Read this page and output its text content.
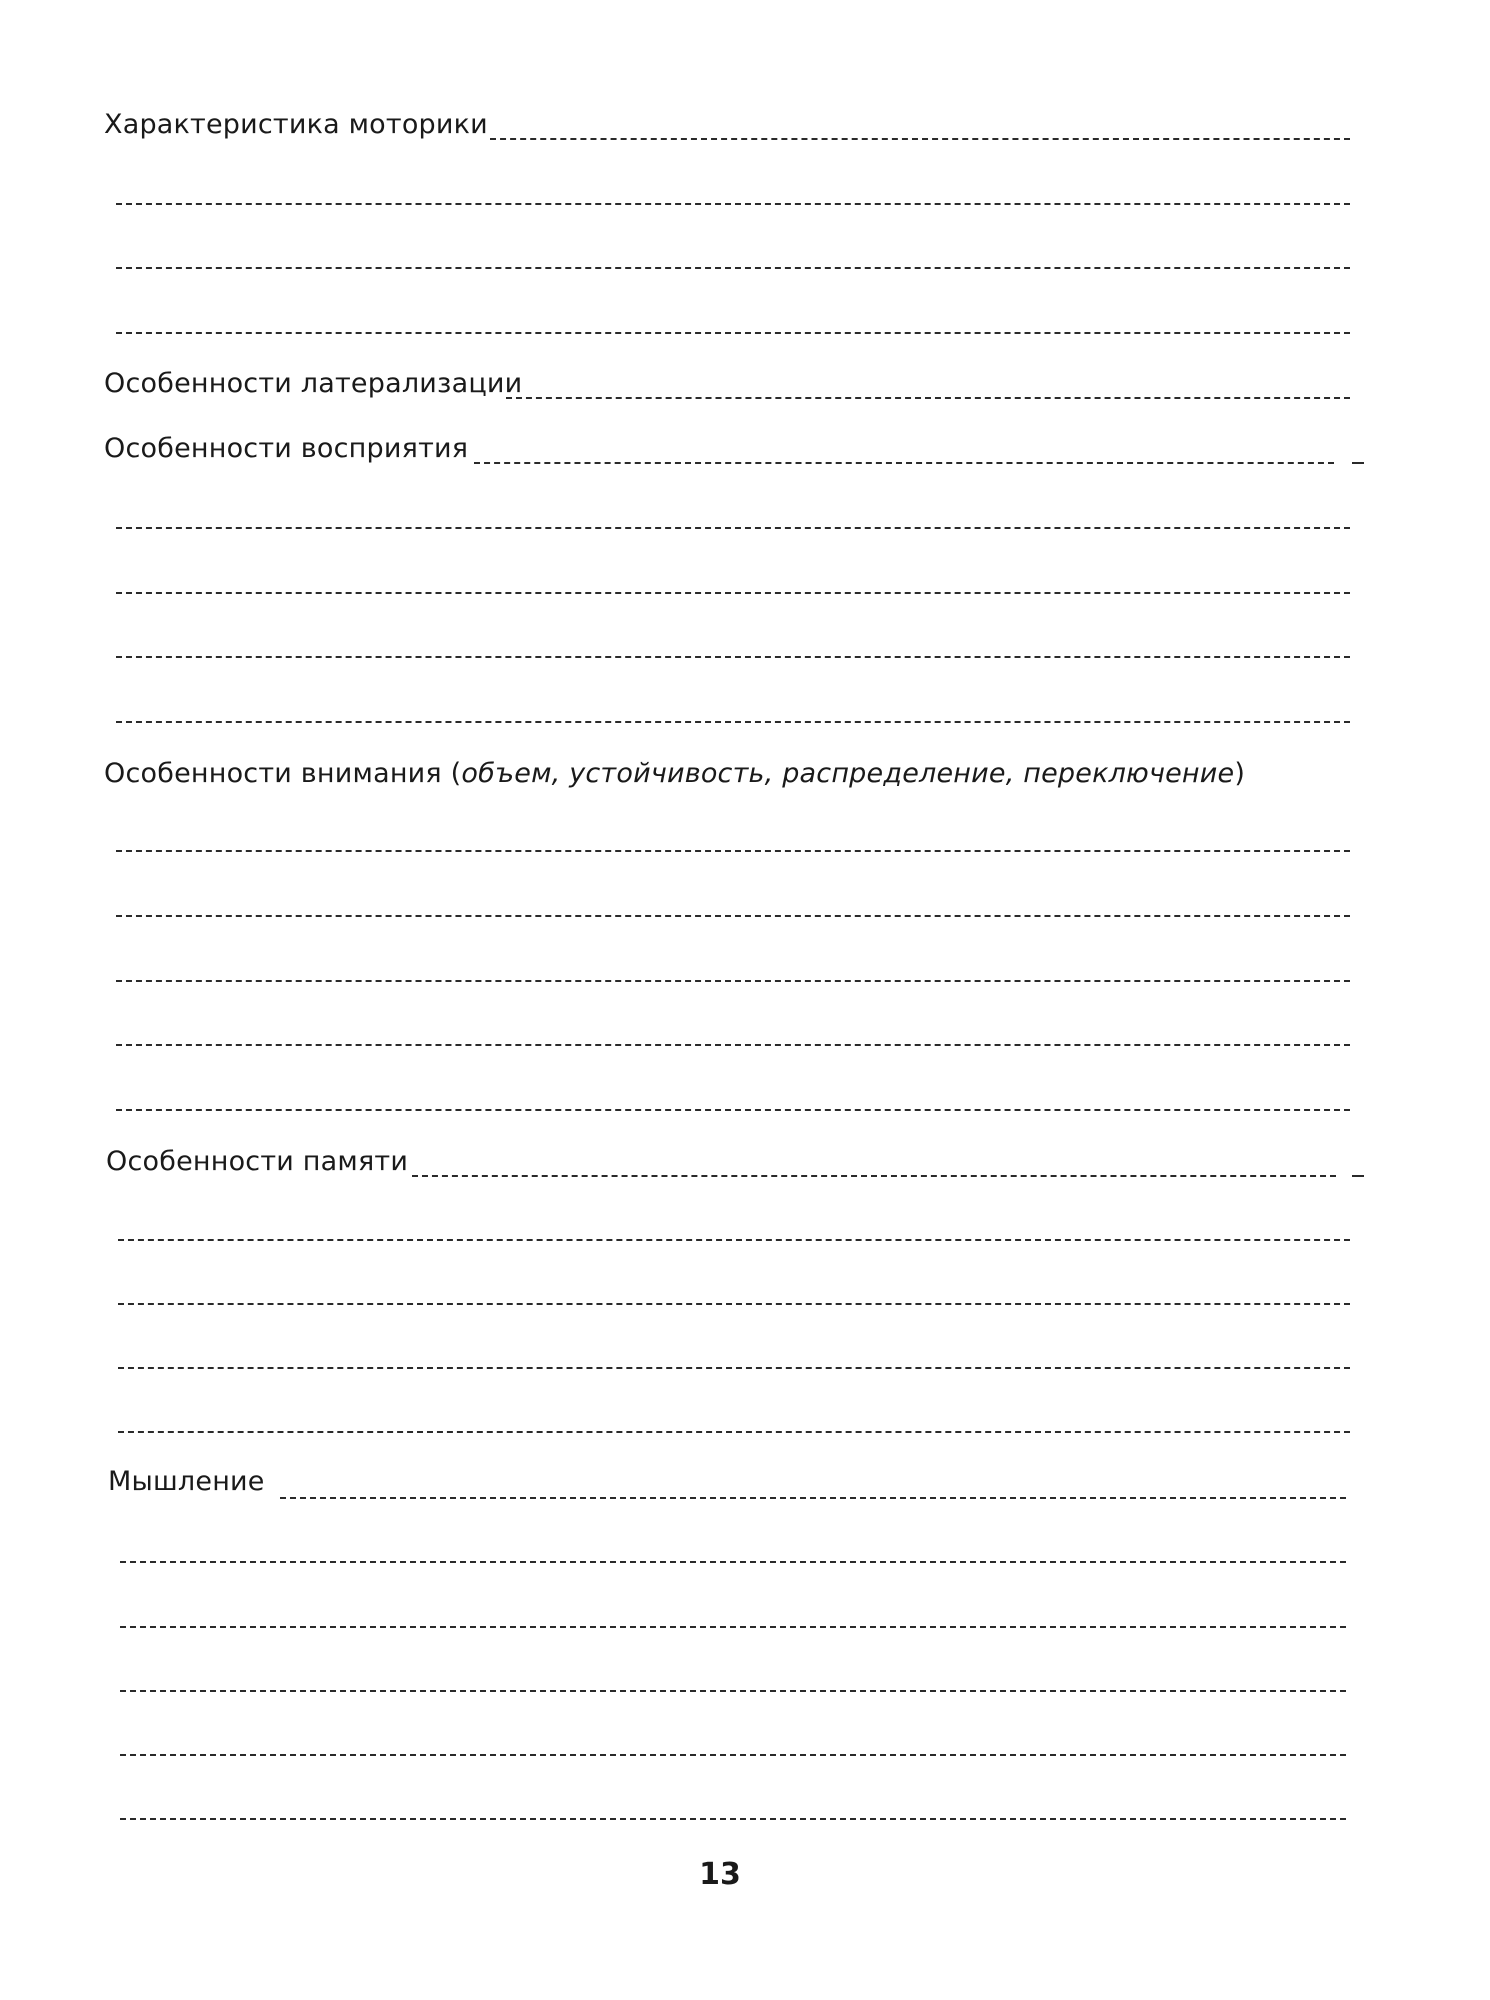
Характеристика моторики
Особенности латерализации
Особенности восприятия
Особенности внимания (объем, устойчивость, распределение, переключение)
Особенности памяти
Мышление
13
